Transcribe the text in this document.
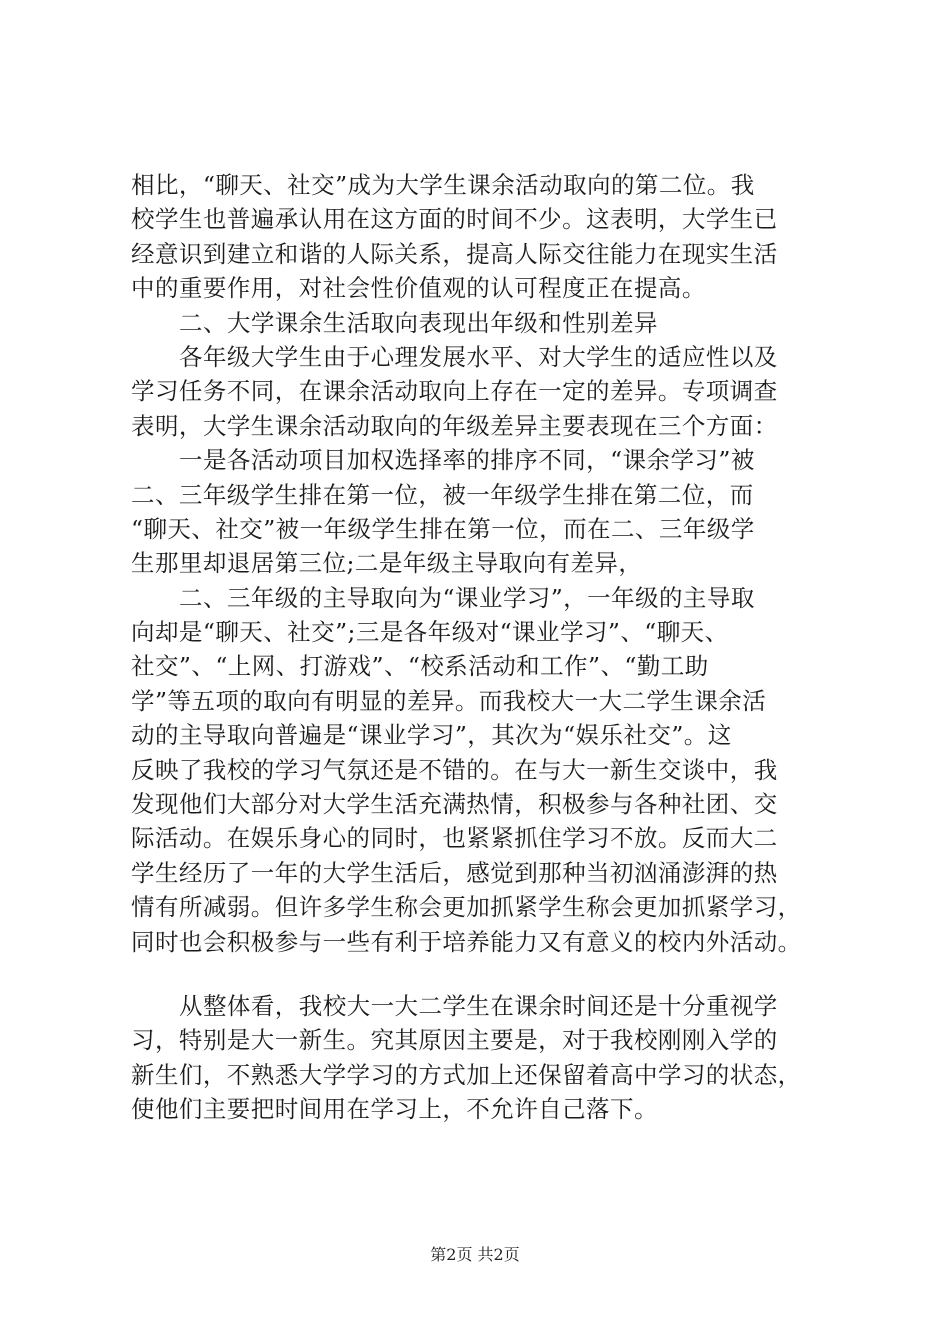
相比，“聊天、社交”成为大学生课余活动取向的第二位。我
校学生也普遍承认用在这方面的时间不少。这表明，大学生已
经意识到建立和谐的人际关系，提高人际交往能力在现实生活
中的重要作用，对社会性价值观的认可程度正在提高。
二、大学课余生活取向表现出年级和性别差异
各年级大学生由于心理发展水平、对大学生的适应性以及
学习任务不同，在课余活动取向上存在一定的差异。专项调查
表明，大学生课余活动取向的年级差异主要表现在三个方面：
一是各活动项目加权选择率的排序不同，“课余学习”被
二、三年级学生排在第一位，被一年级学生排在第二位，而
“聊天、社交”被一年级学生排在第一位，而在二、三年级学
生那里却退居第三位;二是年级主导取向有差异，
二、三年级的主导取向为“课业学习”，一年级的主导取
向却是“聊天、社交”;三是各年级对“课业学习”、“聊天、
社交”、“上网、打游戏”、“校系活动和工作”、“勤工助
学”等五项的取向有明显的差异。而我校大一大二学生课余活
动的主导取向普遍是“课业学习”，其次为“娱乐社交”。这
反映了我校的学习气氛还是不错的。在与大一新生交谈中，我
发现他们大部分对大学生活充满热情，积极参与各种社团、交
际活动。在娱乐身心的同时，也紧紧抓住学习不放。反而大二
学生经历了一年的大学生活后，感觉到那种当初汹涌澎湃的热
情有所减弱。但许多学生称会更加抓紧学生称会更加抓紧学习，
同时也会积极参与一些有利于培养能力又有意义的校内外活动。
从整体看，我校大一大二学生在课余时间还是十分重视学
习，特别是大一新生。究其原因主要是，对于我校刚刚入学的
新生们，不熟悉大学学习的方式加上还保留着高中学习的状态，
使他们主要把时间用在学习上，不允许自己落下。
第2页 共2页
